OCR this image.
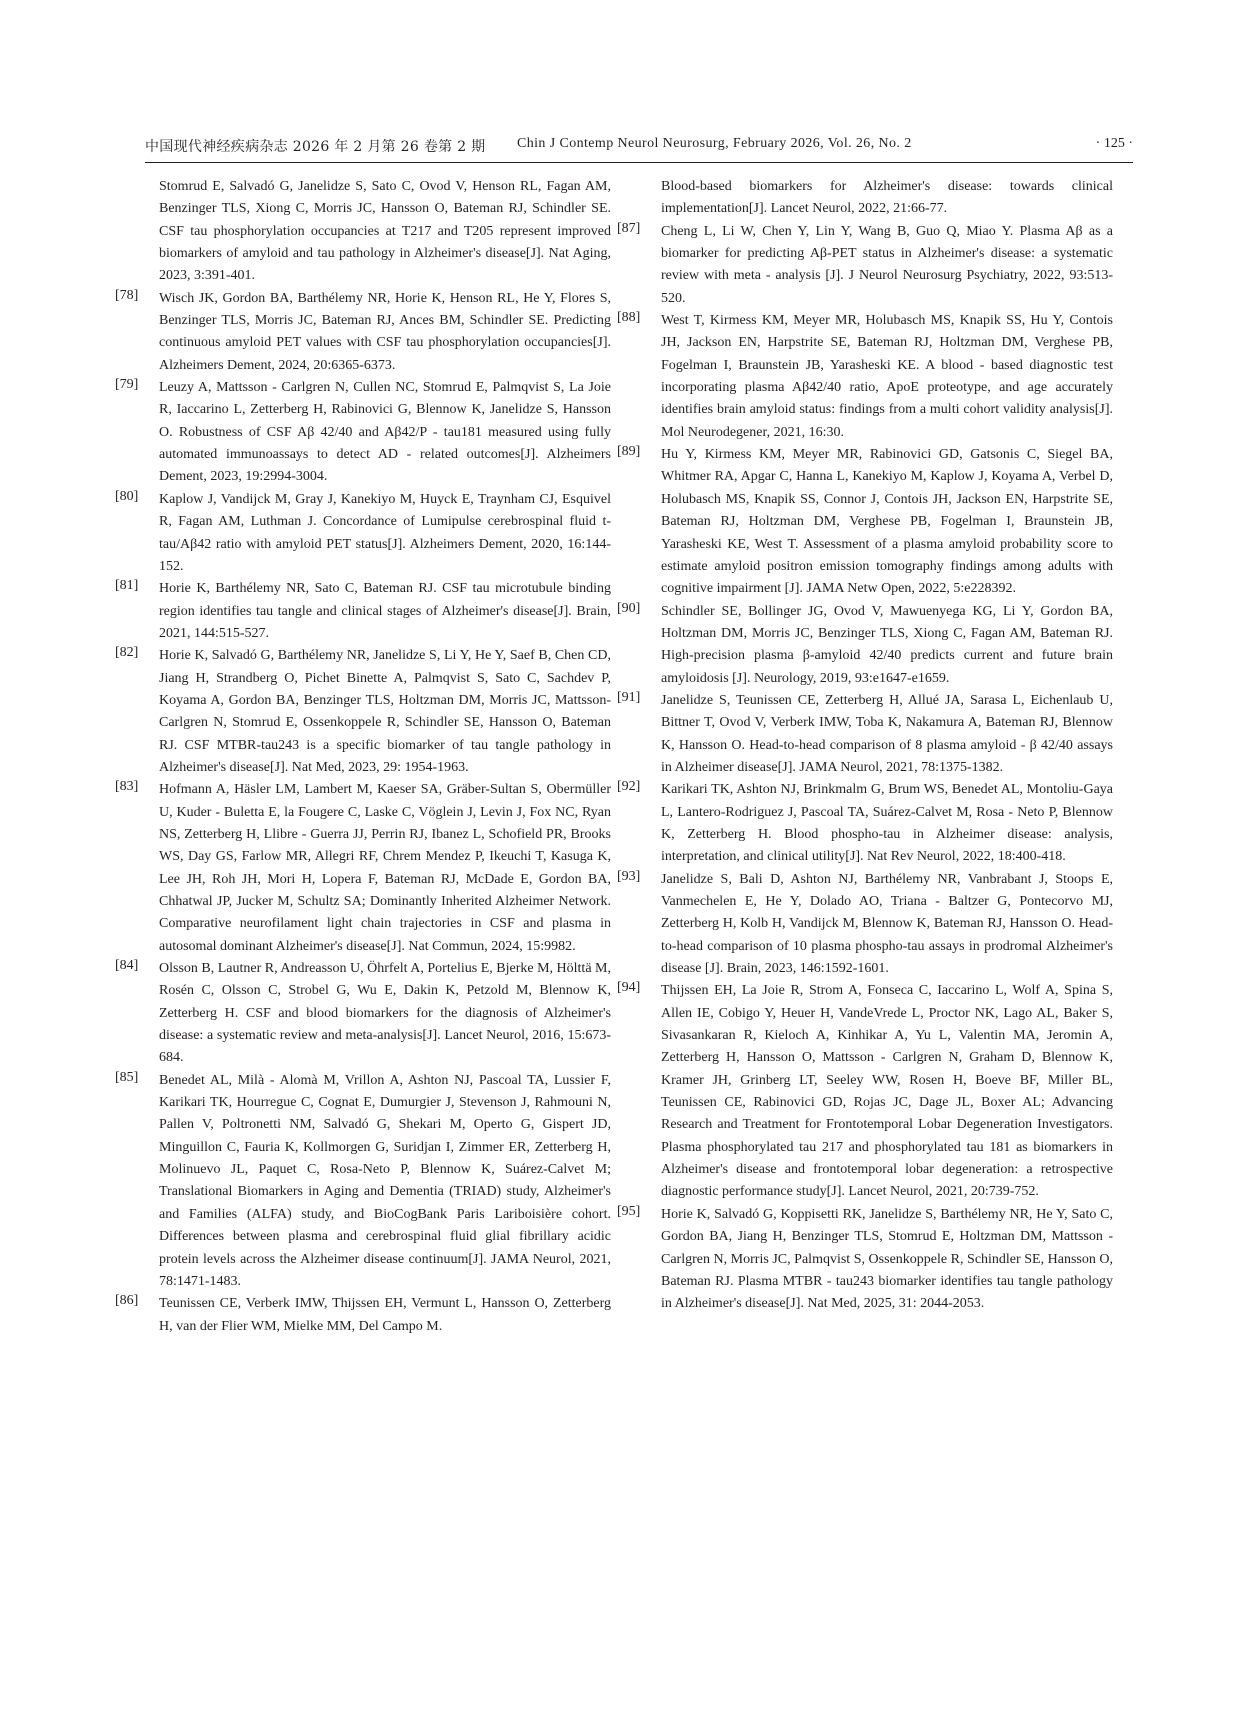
中国现代神经疾病杂志 2026 年 2 月第 26 卷第 2 期 Chin J Contemp Neurol Neurosurg, February 2026, Vol. 26, No. 2	· 125 ·
Stomrud E, Salvadó G, Janelidze S, Sato C, Ovod V, Henson RL, Fagan AM, Benzinger TLS, Xiong C, Morris JC, Hansson O, Bateman RJ, Schindler SE. CSF tau phosphorylation occupancies at T217 and T205 represent improved biomarkers of amyloid and tau pathology in Alzheimer's disease[J]. Nat Aging, 2023, 3:391-401.
[78] Wisch JK, Gordon BA, Barthélemy NR, Horie K, Henson RL, He Y, Flores S, Benzinger TLS, Morris JC, Bateman RJ, Ances BM, Schindler SE. Predicting continuous amyloid PET values with CSF tau phosphorylation occupancies[J]. Alzheimers Dement, 2024, 20:6365-6373.
[79] Leuzy A, Mattsson - Carlgren N, Cullen NC, Stomrud E, Palmqvist S, La Joie R, Iaccarino L, Zetterberg H, Rabinovici G, Blennow K, Janelidze S, Hansson O. Robustness of CSF Aβ 42/40 and Aβ42/P - tau181 measured using fully automated immunoassays to detect AD - related outcomes[J]. Alzheimers Dement, 2023, 19:2994-3004.
[80] Kaplow J, Vandijck M, Gray J, Kanekiyo M, Huyck E, Traynham CJ, Esquivel R, Fagan AM, Luthman J. Concordance of Lumipulse cerebrospinal fluid t-tau/Aβ42 ratio with amyloid PET status[J]. Alzheimers Dement, 2020, 16:144-152.
[81] Horie K, Barthélemy NR, Sato C, Bateman RJ. CSF tau microtubule binding region identifies tau tangle and clinical stages of Alzheimer's disease[J]. Brain, 2021, 144:515-527.
[82] Horie K, Salvadó G, Barthélemy NR, Janelidze S, Li Y, He Y, Saef B, Chen CD, Jiang H, Strandberg O, Pichet Binette A, Palmqvist S, Sato C, Sachdev P, Koyama A, Gordon BA, Benzinger TLS, Holtzman DM, Morris JC, Mattsson-Carlgren N, Stomrud E, Ossenkoppele R, Schindler SE, Hansson O, Bateman RJ. CSF MTBR-tau243 is a specific biomarker of tau tangle pathology in Alzheimer's disease[J]. Nat Med, 2023, 29: 1954-1963.
[83] Hofmann A, Häsler LM, Lambert M, Kaeser SA, Gräber-Sultan S, Obermüller U, Kuder - Buletta E, la Fougere C, Laske C, Vöglein J, Levin J, Fox NC, Ryan NS, Zetterberg H, Llibre - Guerra JJ, Perrin RJ, Ibanez L, Schofield PR, Brooks WS, Day GS, Farlow MR, Allegri RF, Chrem Mendez P, Ikeuchi T, Kasuga K, Lee JH, Roh JH, Mori H, Lopera F, Bateman RJ, McDade E, Gordon BA, Chhatwal JP, Jucker M, Schultz SA; Dominantly Inherited Alzheimer Network. Comparative neurofilament light chain trajectories in CSF and plasma in autosomal dominant Alzheimer's disease[J]. Nat Commun, 2024, 15:9982.
[84] Olsson B, Lautner R, Andreasson U, Öhrfelt A, Portelius E, Bjerke M, Hölttä M, Rosén C, Olsson C, Strobel G, Wu E, Dakin K, Petzold M, Blennow K, Zetterberg H. CSF and blood biomarkers for the diagnosis of Alzheimer's disease: a systematic review and meta-analysis[J]. Lancet Neurol, 2016, 15:673-684.
[85] Benedet AL, Milà - Alomà M, Vrillon A, Ashton NJ, Pascoal TA, Lussier F, Karikari TK, Hourregue C, Cognat E, Dumurgier J, Stevenson J, Rahmouni N, Pallen V, Poltronetti NM, Salvadó G, Shekari M, Operto G, Gispert JD, Minguillon C, Fauria K, Kollmorgen G, Suridjan I, Zimmer ER, Zetterberg H, Molinuevo JL, Paquet C, Rosa-Neto P, Blennow K, Suárez-Calvet M; Translational Biomarkers in Aging and Dementia (TRIAD) study, Alzheimer's and Families (ALFA) study, and BioCogBank Paris Lariboisière cohort. Differences between plasma and cerebrospinal fluid glial fibrillary acidic protein levels across the Alzheimer disease continuum[J]. JAMA Neurol, 2021, 78:1471-1483.
[86] Teunissen CE, Verberk IMW, Thijssen EH, Vermunt L, Hansson O, Zetterberg H, van der Flier WM, Mielke MM, Del Campo M.
Blood-based biomarkers for Alzheimer's disease: towards clinical implementation[J]. Lancet Neurol, 2022, 21:66-77.
[87] Cheng L, Li W, Chen Y, Lin Y, Wang B, Guo Q, Miao Y. Plasma Aβ as a biomarker for predicting Aβ-PET status in Alzheimer's disease: a systematic review with meta - analysis [J]. J Neurol Neurosurg Psychiatry, 2022, 93:513-520.
[88] West T, Kirmess KM, Meyer MR, Holubasch MS, Knapik SS, Hu Y, Contois JH, Jackson EN, Harpstrite SE, Bateman RJ, Holtzman DM, Verghese PB, Fogelman I, Braunstein JB, Yarasheski KE. A blood - based diagnostic test incorporating plasma Aβ42/40 ratio, ApoE proteotype, and age accurately identifies brain amyloid status: findings from a multi cohort validity analysis[J]. Mol Neurodegener, 2021, 16:30.
[89] Hu Y, Kirmess KM, Meyer MR, Rabinovici GD, Gatsonis C, Siegel BA, Whitmer RA, Apgar C, Hanna L, Kanekiyo M, Kaplow J, Koyama A, Verbel D, Holubasch MS, Knapik SS, Connor J, Contois JH, Jackson EN, Harpstrite SE, Bateman RJ, Holtzman DM, Verghese PB, Fogelman I, Braunstein JB, Yarasheski KE, West T. Assessment of a plasma amyloid probability score to estimate amyloid positron emission tomography findings among adults with cognitive impairment [J]. JAMA Netw Open, 2022, 5:e228392.
[90] Schindler SE, Bollinger JG, Ovod V, Mawuenyega KG, Li Y, Gordon BA, Holtzman DM, Morris JC, Benzinger TLS, Xiong C, Fagan AM, Bateman RJ. High-precision plasma β-amyloid 42/40 predicts current and future brain amyloidosis [J]. Neurology, 2019, 93:e1647-e1659.
[91] Janelidze S, Teunissen CE, Zetterberg H, Allué JA, Sarasa L, Eichenlaub U, Bittner T, Ovod V, Verberk IMW, Toba K, Nakamura A, Bateman RJ, Blennow K, Hansson O. Head-to-head comparison of 8 plasma amyloid - β 42/40 assays in Alzheimer disease[J]. JAMA Neurol, 2021, 78:1375-1382.
[92] Karikari TK, Ashton NJ, Brinkmalm G, Brum WS, Benedet AL, Montoliu-Gaya L, Lantero-Rodriguez J, Pascoal TA, Suárez-Calvet M, Rosa - Neto P, Blennow K, Zetterberg H. Blood phospho-tau in Alzheimer disease: analysis, interpretation, and clinical utility[J]. Nat Rev Neurol, 2022, 18:400-418.
[93] Janelidze S, Bali D, Ashton NJ, Barthélemy NR, Vanbrabant J, Stoops E, Vanmechelen E, He Y, Dolado AO, Triana - Baltzer G, Pontecorvo MJ, Zetterberg H, Kolb H, Vandijck M, Blennow K, Bateman RJ, Hansson O. Head-to-head comparison of 10 plasma phospho-tau assays in prodromal Alzheimer's disease [J]. Brain, 2023, 146:1592-1601.
[94] Thijssen EH, La Joie R, Strom A, Fonseca C, Iaccarino L, Wolf A, Spina S, Allen IE, Cobigo Y, Heuer H, VandeVrede L, Proctor NK, Lago AL, Baker S, Sivasankaran R, Kieloch A, Kinhikar A, Yu L, Valentin MA, Jeromin A, Zetterberg H, Hansson O, Mattsson - Carlgren N, Graham D, Blennow K, Kramer JH, Grinberg LT, Seeley WW, Rosen H, Boeve BF, Miller BL, Teunissen CE, Rabinovici GD, Rojas JC, Dage JL, Boxer AL; Advancing Research and Treatment for Frontotemporal Lobar Degeneration Investigators. Plasma phosphorylated tau 217 and phosphorylated tau 181 as biomarkers in Alzheimer's disease and frontotemporal lobar degeneration: a retrospective diagnostic performance study[J]. Lancet Neurol, 2021, 20:739-752.
[95] Horie K, Salvadó G, Koppisetti RK, Janelidze S, Barthélemy NR, He Y, Sato C, Gordon BA, Jiang H, Benzinger TLS, Stomrud E, Holtzman DM, Mattsson - Carlgren N, Morris JC, Palmqvist S, Ossenkoppele R, Schindler SE, Hansson O, Bateman RJ. Plasma MTBR - tau243 biomarker identifies tau tangle pathology in Alzheimer's disease[J]. Nat Med, 2025, 31: 2044-2053.
